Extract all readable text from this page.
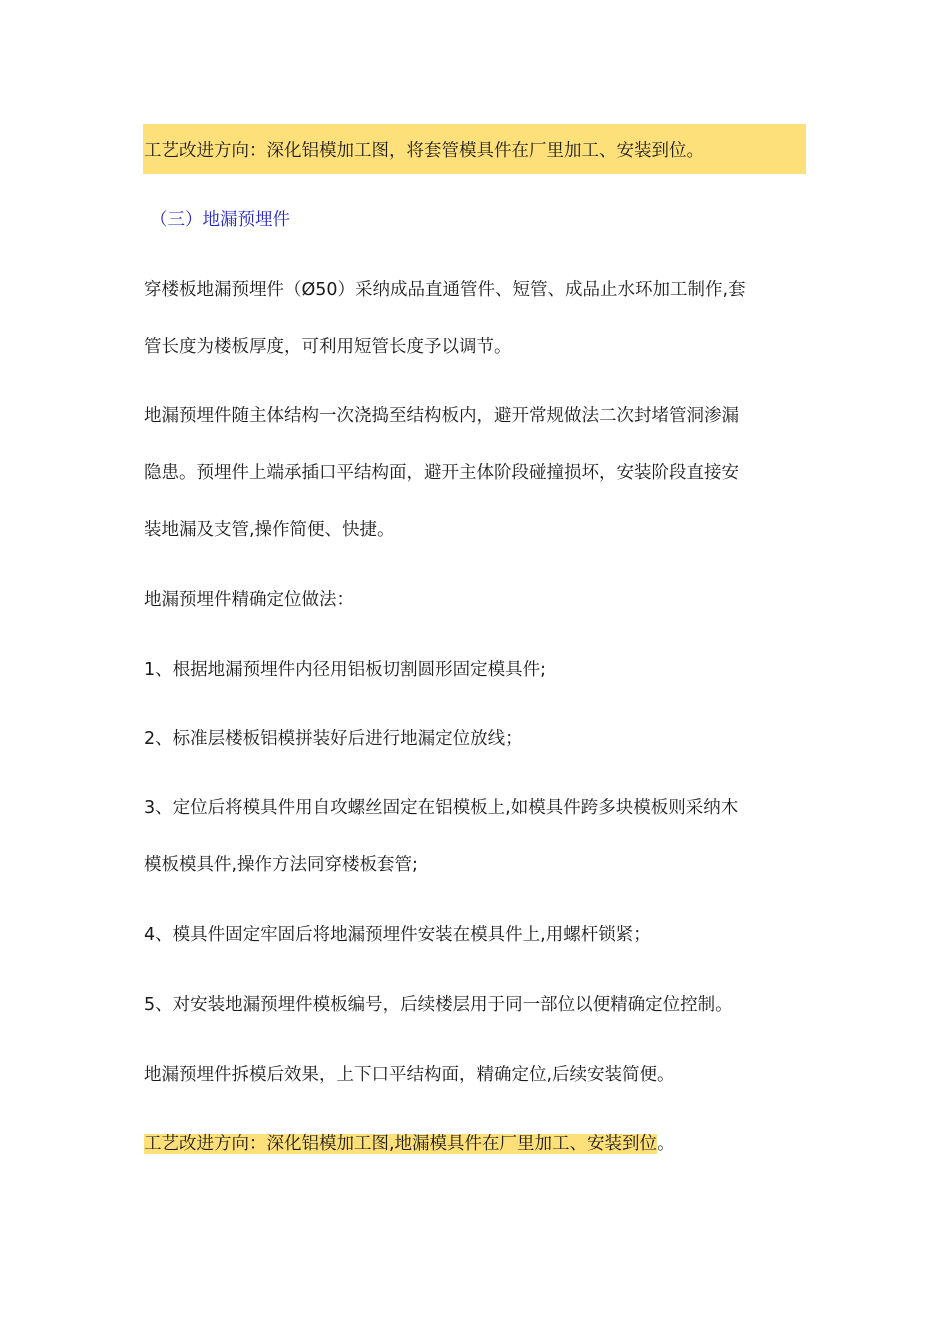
工艺改进方向：深化铝模加工图，将套管模具件在厂里加工、安装到位。
（三）地漏预埋件
穿楼板地漏预埋件（Ø50）采纳成品直通管件、短管、成品止水环加工制作,套
管长度为楼板厚度，可利用短管长度予以调节。
地漏预埋件随主体结构一次浇捣至结构板内，避开常规做法二次封堵管洞渗漏
隐患。预埋件上端承插口平结构面，避开主体阶段碰撞损坏，安装阶段直接安
装地漏及支管,操作简便、快捷。
地漏预埋件精确定位做法：
1、根据地漏预埋件内径用铝板切割圆形固定模具件;
2、标准层楼板铝模拼装好后进行地漏定位放线；
3、定位后将模具件用自攻螺丝固定在铝模板上,如模具件跨多块模板则采纳木
模板模具件,操作方法同穿楼板套管;
4、模具件固定牢固后将地漏预埋件安装在模具件上,用螺杆锁紧；
5、对安装地漏预埋件模板编号，后续楼层用于同一部位以便精确定位控制。
地漏预埋件拆模后效果，上下口平结构面，精确定位,后续安装简便。
工艺改进方向：深化铝模加工图,地漏模具件在厂里加工、安装到位。
